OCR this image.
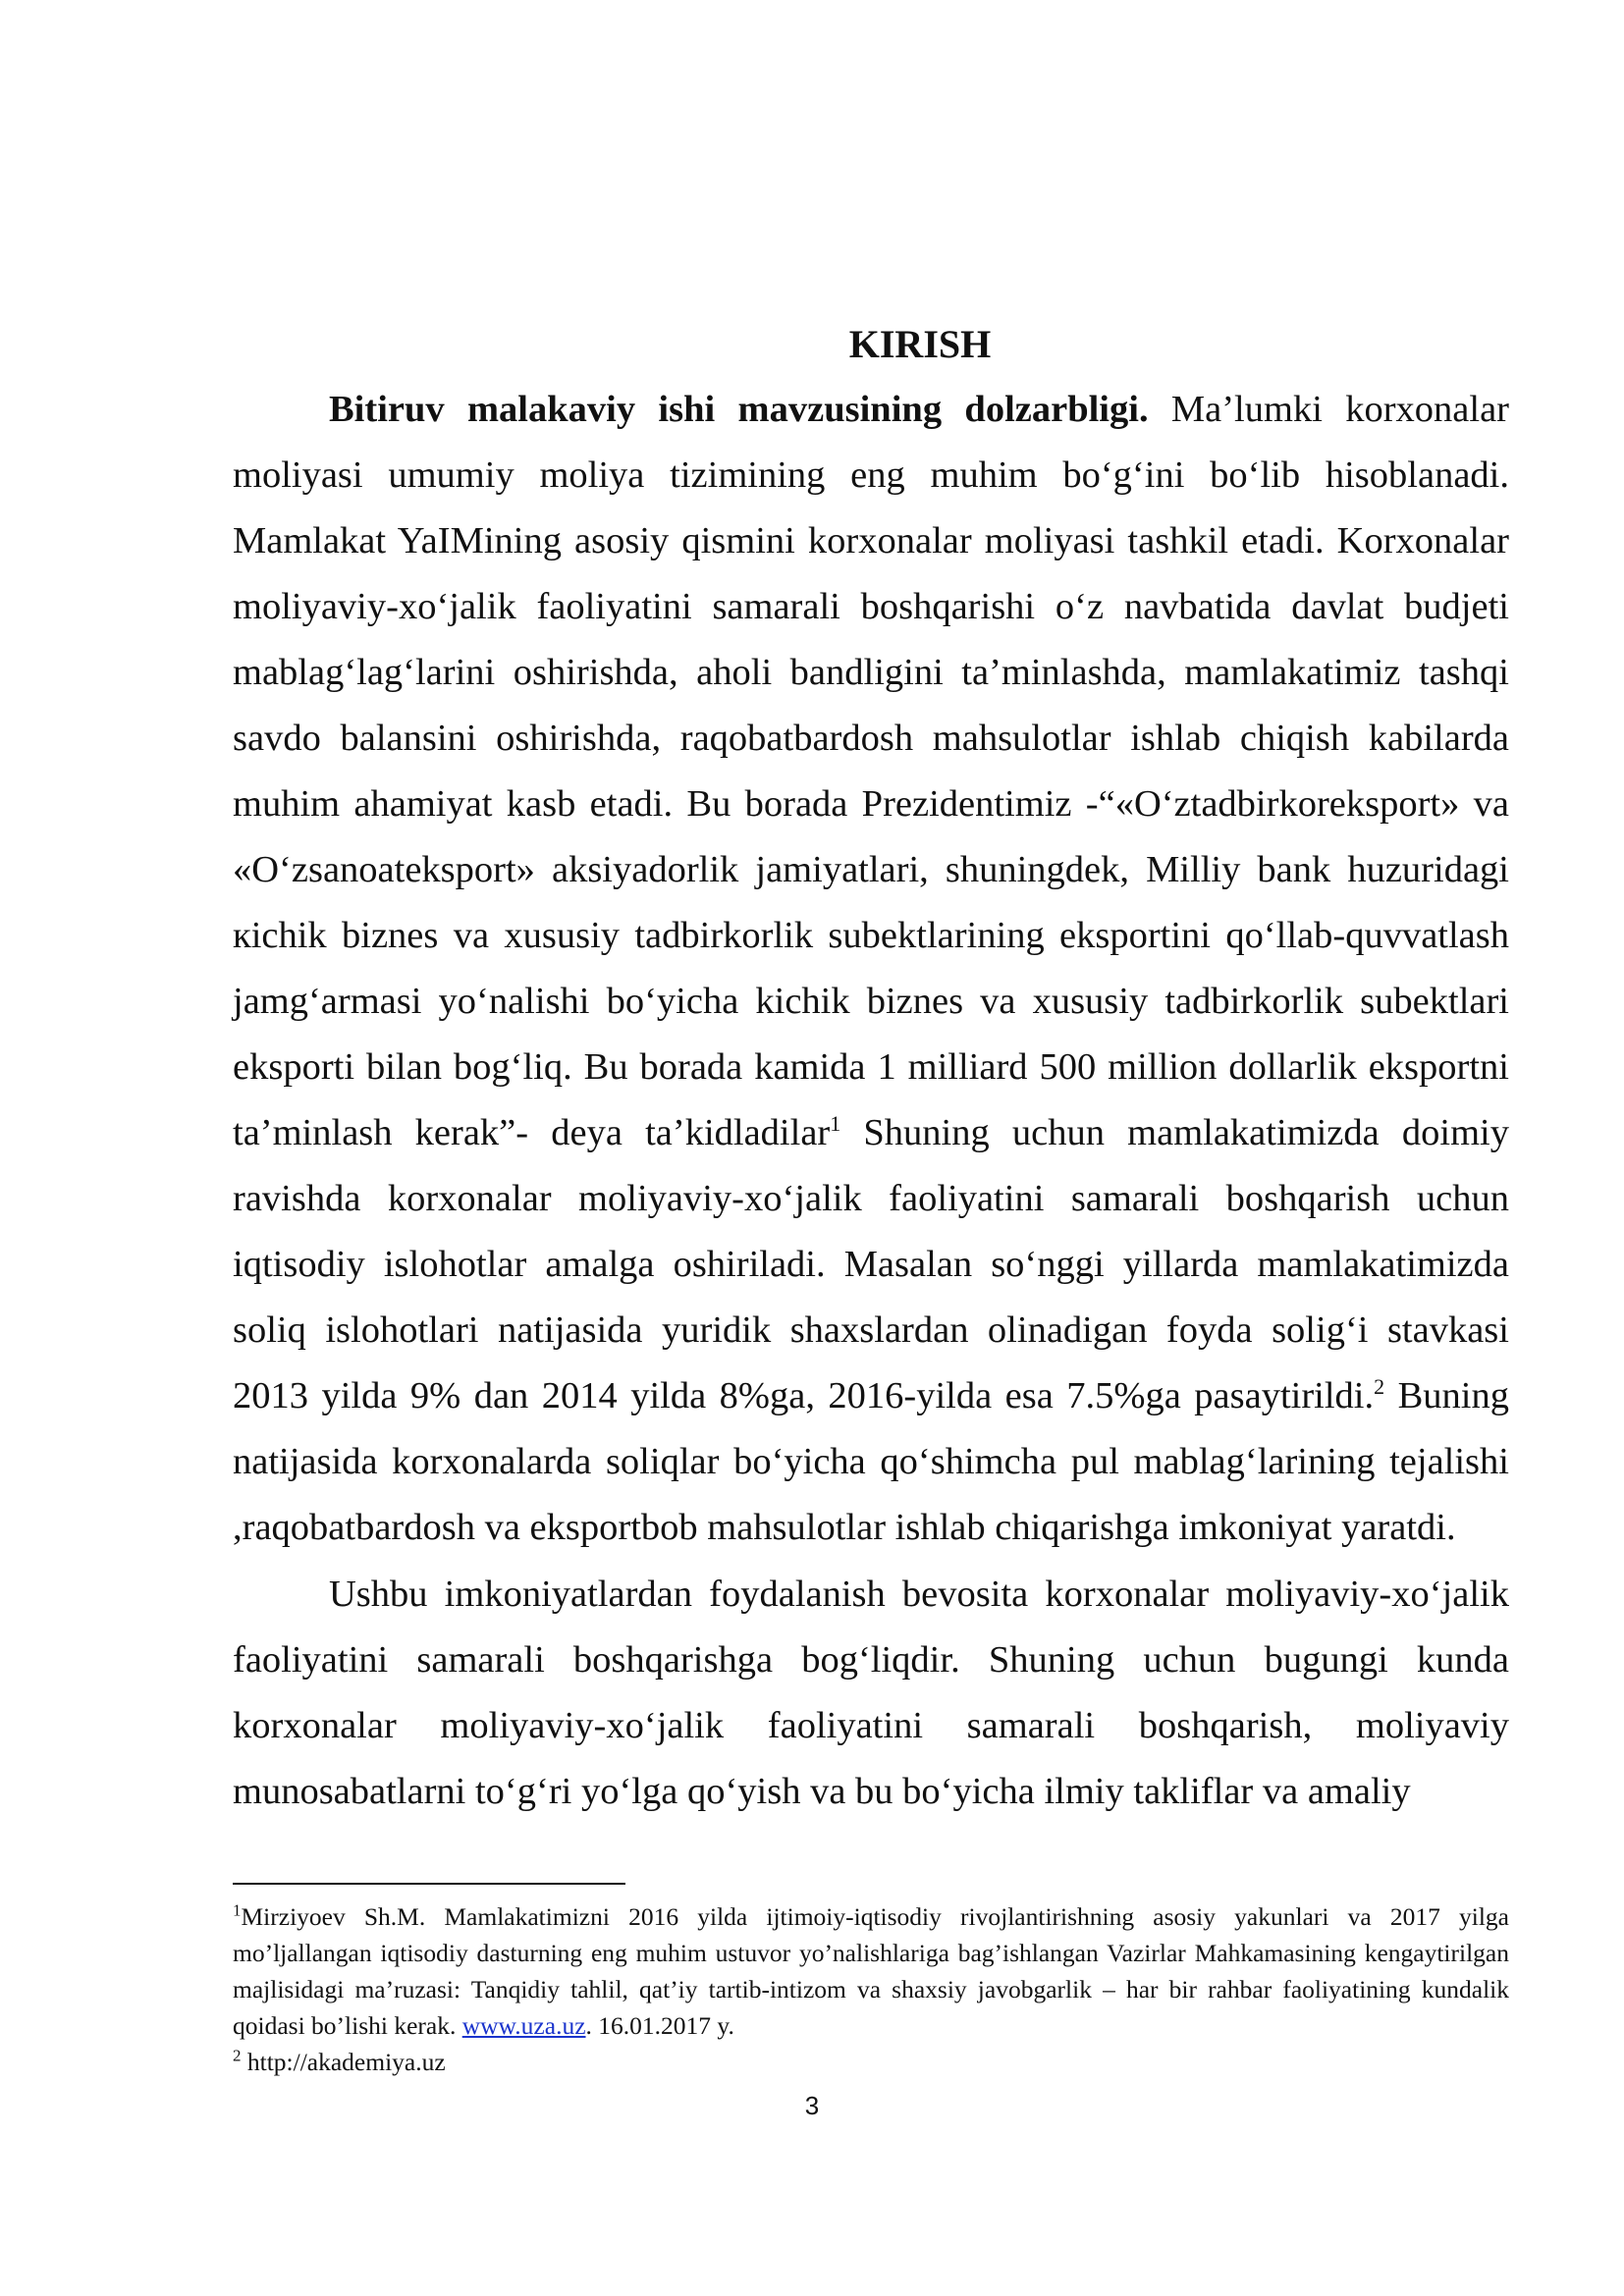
KIRISH

Bitiruv malakaviy ishi mavzusining dolzarbligi. Ma’lumki korxonalar moliyasi umumiy moliya tizimining eng muhim bo‘g‘ini bo‘lib hisoblanadi. Mamlakat YaIMining asosiy qismini korxonalar moliyasi tashkil etadi. Korxonalar moliyaviy-xo‘jalik faoliyatini samarali boshqarishi o‘z navbatida davlat budjeti mablag‘lag‘larini oshirishda, aholi bandligini ta’minlashda, mamlakatimiz tashqi savdo balansini oshirishda, raqobatbardosh mahsulotlar ishlab chiqish kabilarda muhim ahamiyat kasb etadi. Bu borada Prezidentimiz -“«O‘ztadbirkoreksport» va «O‘zsanoateksport» aksiyadorlik jamiyatlari, shuningdek, Milliy bank huzuridagi кichik biznes va xususiy tadbirkorlik subektlarining eksportini qo‘llab-quvvatlash jamg‘armasi yo‘nalishi bo‘yicha kichik biznes va xususiy tadbirkorlik subektlari eksporti bilan bog‘liq. Bu borada kamida 1 milliard 500 million dollarlik eksportni ta’minlash kerak”- deya ta’kidladilar$^1$ Shuning uchun mamlakatimizda doimiy ravishda korxonalar moliyaviy-xo‘jalik faoliyatini samarali boshqarish uchun iqtisodiy islohotlar amalga oshiriladi. Masalan so‘nggi yillarda mamlakatimizda soliq islohotlari natijasida yuridik shaxslardan olinadigan foyda solig‘i stavkasi 2013 yilda 9% dan 2014 yilda 8%ga, 2016-yilda esa 7.5%ga pasaytirildi.$^2$ Buning natijasida korxonalarda soliqlar bo‘yicha qo‘shimcha pul mablag‘larining tejalishi ,raqobatbardosh va eksportbob mahsulotlar ishlab chiqarishga imkoniyat yaratdi.

Ushbu imkoniyatlardan foydalanish bevosita korxonalar moliyaviy-xo‘jalik faoliyatini samarali boshqarishga bog‘liqdir. Shuning uchun bugungi kunda korxonalar moliyaviy-xo‘jalik faoliyatini samarali boshqarish, moliyaviy munosabatlarni to‘g‘ri yo‘lga qo‘yish va bu bo‘yicha ilmiy takliflar va amaliy

$^1$Mirziyoev Sh.M. Mamlakatimizni 2016 yilda ijtimoiy-iqtisodiy rivojlantirishning asosiy yakunlari va 2017 yilga mo’ljallangan iqtisodiy dasturning eng muhim ustuvor yo’nalishlariga bag’ishlangan Vazirlar Mahkamasining kengaytirilgan majlisidagi ma’ruzasi: Tanqidiy tahlil, qat’iy tartib-intizom va shaxsiy javobgarlik – har bir rahbar faoliyatining kundalik qoidasi bo’lishi kerak. www.uza.uz. 16.01.2017 y.

$^2$ http://akademiya.uz

3
